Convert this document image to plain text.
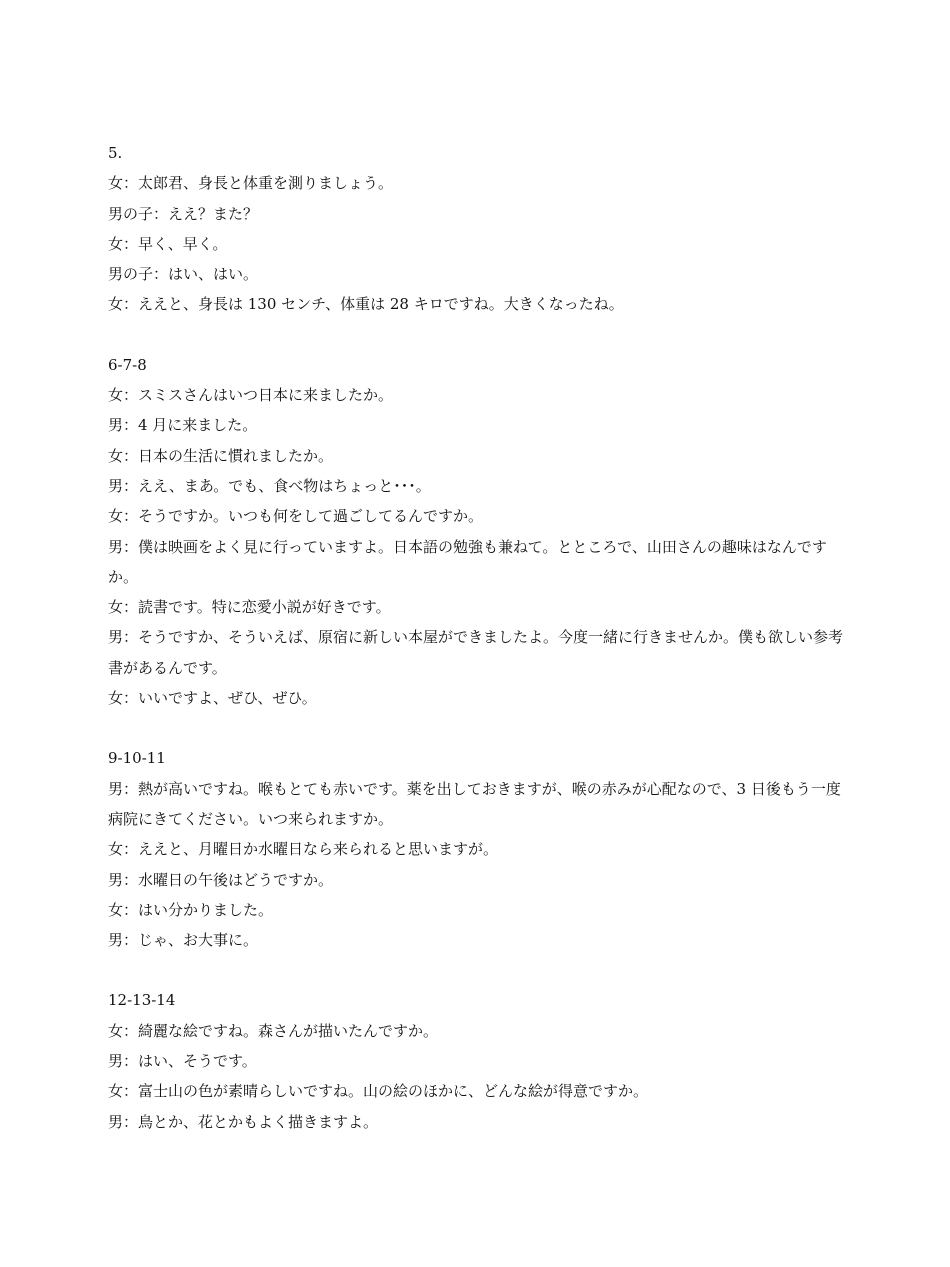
5.
女：太郎君、身長と体重を測りましょう。
男の子：ええ？また？
女：早く、早く。
男の子：はい、はい。
女：ええと、身長は 130 センチ、体重は 28 キロですね。大きくなったね。
6-7-8
女：スミスさんはいつ日本に来ましたか。
男：4 月に来ました。
女：日本の生活に慣れましたか。
男：ええ、まあ。でも、食べ物はちょっと･･･。
女：そうですか。いつも何をして過ごしてるんですか。
男：僕は映画をよく見に行っていますよ。日本語の勉強も兼ねて。とところで、山田さんの趣味はなんですか。
女：読書です。特に恋愛小説が好きです。
男：そうですか、そういえば、原宿に新しい本屋ができましたよ。今度一緒に行きませんか。僕も欲しい参考書があるんです。
女：いいですよ、ぜひ、ぜひ。
9-10-11
男：熱が高いですね。喉もとても赤いです。薬を出しておきますが、喉の赤みが心配なので、3 日後もう一度病院にきてください。いつ来られますか。
女：ええと、月曜日か水曜日なら来られると思いますが。
男：水曜日の午後はどうですか。
女：はい分かりました。
男：じゃ、お大事に。
12-13-14
女：綺麗な絵ですね。森さんが描いたんですか。
男：はい、そうです。
女：富士山の色が素晴らしいですね。山の絵のほかに、どんな絵が得意ですか。
男：鳥とか、花とかもよく描きますよ。
